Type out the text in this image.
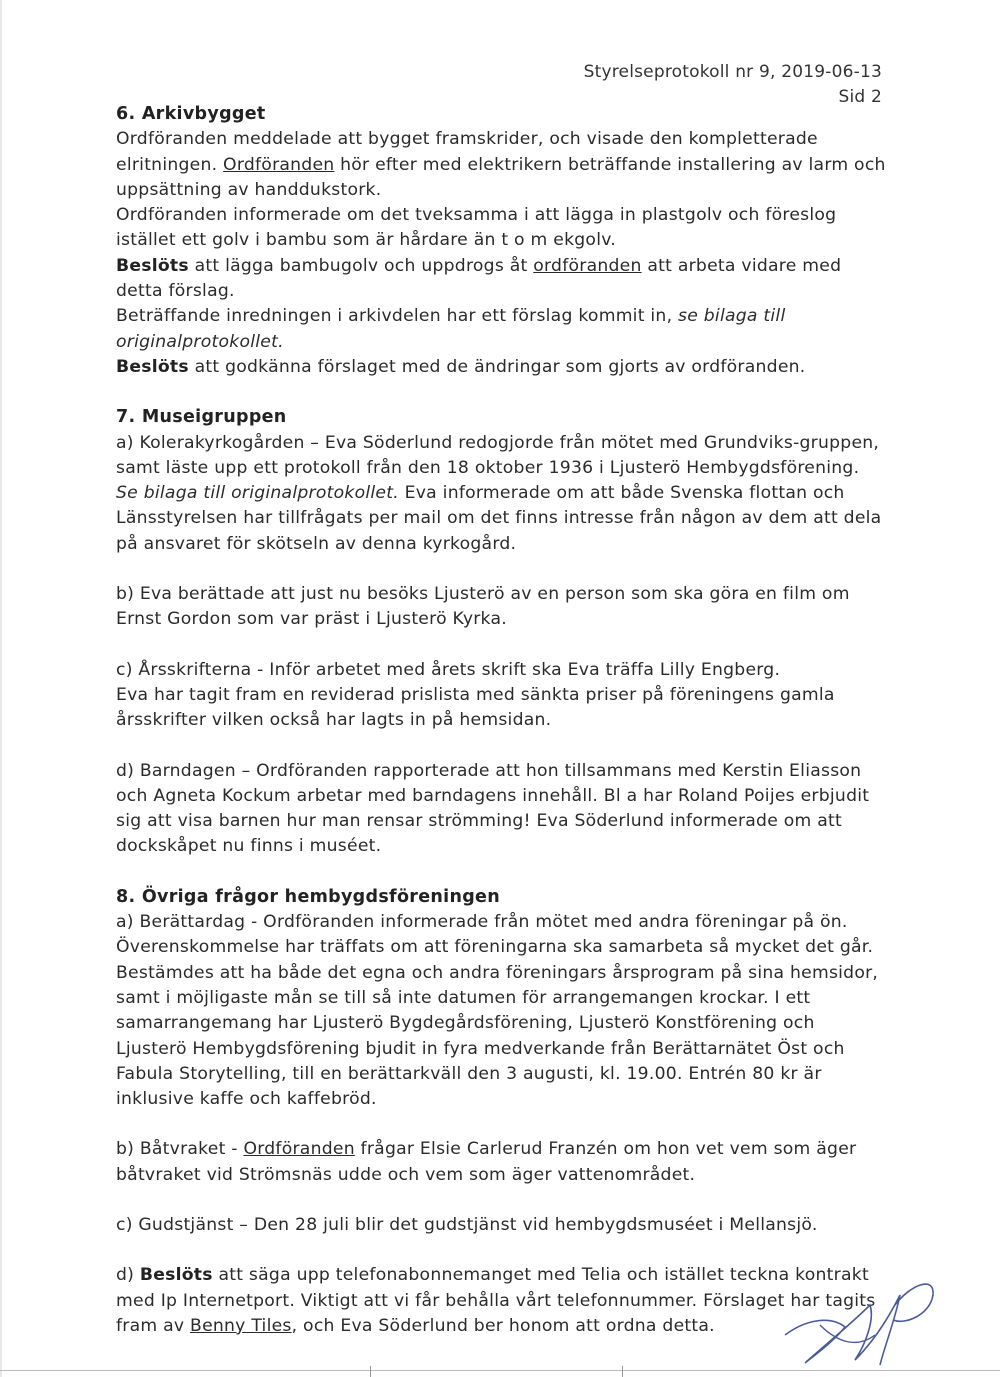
Styrelseprotokoll nr 9, 2019-06-13
Sid 2
6. Arkivbygget

Ordföranden meddelade att bygget framskrider, och visade den kompletterade elritningen. Ordföranden hör efter med elektrikern beträffande installering av larm och uppsättning av handdukstork.

Ordföranden informerade om det tveksamma i att lägga in plastgolv och föreslog istället ett golv i bambu som är hårdare än t o m ekgolv.

Beslöts att lägga bambugolv och uppdrogs åt ordföranden att arbeta vidare med detta förslag.

Beträffande inredningen i arkivdelen har ett förslag kommit in, se bilaga till originalprotokollet.

Beslöts att godkänna förslaget med de ändringar som gjorts av ordföranden.

7. Museigruppen

a) Kolerakyrkogården – Eva Söderlund redogjorde från mötet med Grundviks-gruppen, samt läste upp ett protokoll från den 18 oktober 1936 i Ljusterö Hembygdsförening. Se bilaga till originalprotokollet. Eva informerade om att både Svenska flottan och Länsstyrelsen har tillfrågats per mail om det finns intresse från någon av dem att dela på ansvaret för skötseln av denna kyrkogård.

b) Eva berättade att just nu besöks Ljusterö av en person som ska göra en film om Ernst Gordon som var präst i Ljusterö Kyrka.

c) Årsskrifterna - Inför arbetet med årets skrift ska Eva träffa Lilly Engberg.

Eva har tagit fram en reviderad prislista med sänkta priser på föreningens gamla årsskrifter vilken också har lagts in på hemsidan.

d) Barndagen – Ordföranden rapporterade att hon tillsammans med Kerstin Eliasson och Agneta Kockum arbetar med barndagens innehåll. Bl a har Roland Poijes erbjudit sig att visa barnen hur man rensar strömming! Eva Söderlund informerade om att dockskåpet nu finns i muséet.

8. Övriga frågor hembygdsföreningen

a) Berättardag - Ordföranden informerade från mötet med andra föreningar på ön. Överenskommelse har träffats om att föreningarna ska samarbeta så mycket det går. Bestämdes att ha både det egna och andra föreningars årsprogram på sina hemsidor, samt i möjligaste mån se till så inte datumen för arrangemangen krockar. I ett samarrangemang har Ljusterö Bygdegårdsförening, Ljusterö Konstförening och Ljusterö Hembygdsförening bjudit in fyra medverkande från Berättarnätet Öst och Fabula Storytelling, till en berättarkväll den 3 augusti, kl. 19.00. Entrén 80 kr är inklusive kaffe och kaffebröd.

b) Båtvraket - Ordföranden frågar Elsie Carlerud Franzén om hon vet vem som äger båtvraket vid Strömsnäs udde och vem som äger vattenområdet.

c) Gudstjänst – Den 28 juli blir det gudstjänst vid hembygdsmuséet i Mellansjö.

d) Beslöts att säga upp telefonabonnemanget med Telia och istället teckna kontrakt med Ip Internetport. Viktigt att vi får behålla vårt telefonnummer. Förslaget har tagits fram av Benny Tiles, och Eva Söderlund ber honom att ordna detta.
